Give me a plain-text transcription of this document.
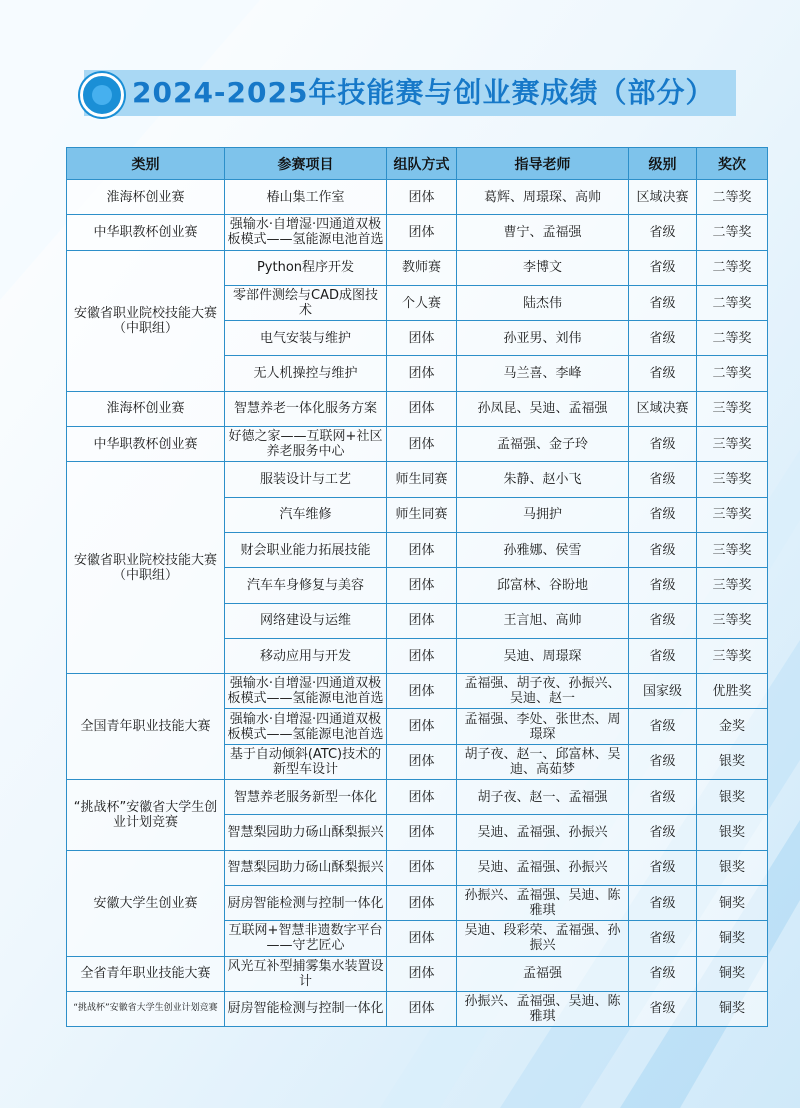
2024-2025年技能赛与创业赛成绩（部分）
类别	参赛项目	组队方式	指导老师	级别	奖次
淮海杯创业赛	椿山集工作室	团体	葛辉、周璟琛、高帅	区域决赛	二等奖
中华职教杯创业赛	强输水·自增湿·四通道双极板模式——氢能源电池首选	团体	曹宁、孟福强	省级	二等奖
安徽省职业院校技能大赛（中职组）	Python程序开发	教师赛	李博文	省级	二等奖
	零部件测绘与CAD成图技术	个人赛	陆杰伟	省级	二等奖
	电气安装与维护	团体	孙亚男、刘伟	省级	二等奖
	无人机操控与维护	团体	马兰喜、李峰	省级	二等奖
淮海杯创业赛	智慧养老一体化服务方案	团体	孙凤昆、吴迪、孟福强	区域决赛	三等奖
中华职教杯创业赛	好德之家——互联网+社区养老服务中心	团体	孟福强、金子玲	省级	三等奖
安徽省职业院校技能大赛（中职组）	服装设计与工艺	师生同赛	朱静、赵小飞	省级	三等奖
	汽车维修	师生同赛	马拥护	省级	三等奖
	财会职业能力拓展技能	团体	孙雅娜、侯雪	省级	三等奖
	汽车车身修复与美容	团体	邱富林、谷盼地	省级	三等奖
	网络建设与运维	团体	王言旭、高帅	省级	三等奖
	移动应用与开发	团体	吴迪、周璟琛	省级	三等奖
全国青年职业技能大赛	强输水·自增湿·四通道双极板模式——氢能源电池首选	团体	孟福强、胡子夜、孙振兴、吴迪、赵一	国家级	优胜奖
	强输水·自增湿·四通道双极板模式——氢能源电池首选	团体	孟福强、李处、张世杰、周璟琛	省级	金奖
	基于自动倾斜(ATC)技术的新型车设计	团体	胡子夜、赵一、邱富林、吴迪、高茹梦	省级	银奖
“挑战杯”安徽省大学生创业计划竞赛	智慧养老服务新型一体化	团体	胡子夜、赵一、孟福强	省级	银奖
	智慧梨园助力砀山酥梨振兴	团体	吴迪、孟福强、孙振兴	省级	银奖
安徽大学生创业赛	智慧梨园助力砀山酥梨振兴	团体	吴迪、孟福强、孙振兴	省级	银奖
	厨房智能检测与控制一体化	团体	孙振兴、孟福强、吴迪、陈雅琪	省级	铜奖
	互联网+智慧非遗数字平台——守艺匠心	团体	吴迪、段彩荣、孟福强、孙振兴	省级	铜奖
全省青年职业技能大赛	风光互补型捕雾集水装置设计	团体	孟福强	省级	铜奖
“挑战杯”安徽省大学生创业计划竞赛	厨房智能检测与控制一体化	团体	孙振兴、孟福强、吴迪、陈雅琪	省级	铜奖
